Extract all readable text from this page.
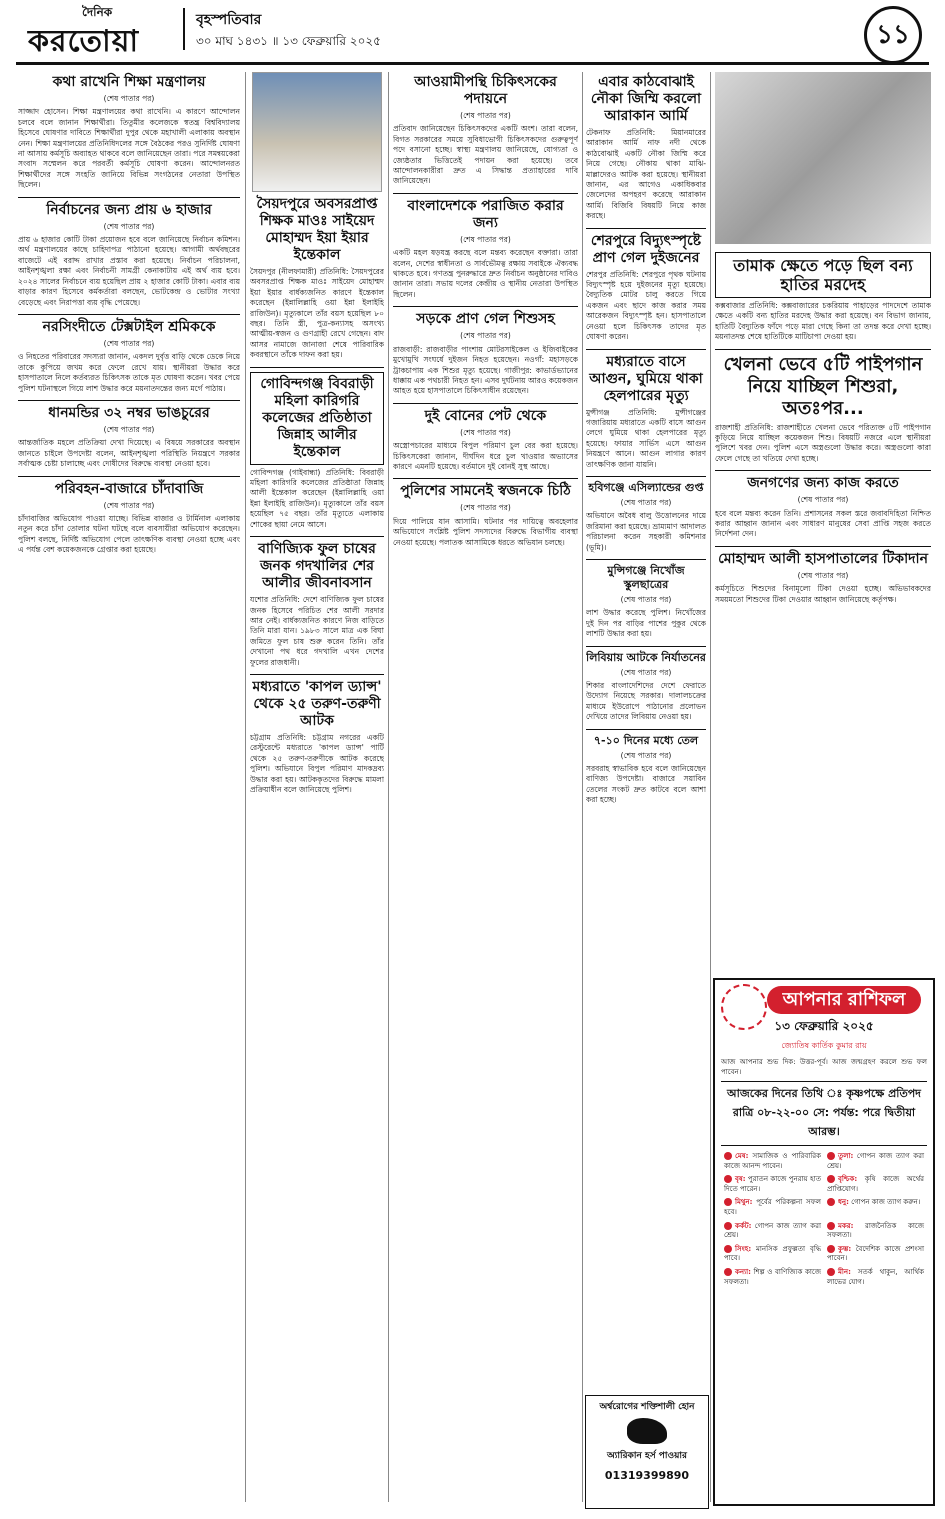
দৈনিক
করতোয়া
বৃহস্পতিবার
৩০ মাঘ ১৪৩১ ॥ ১৩ ফেব্রুয়ারি ২০২৫	১১
কথা রাখেনি শিক্ষা মন্ত্রণালয়
(শেষ পাতার পর)

সাজ্জাদ হোসেন। শিক্ষা মন্ত্রণালয়ের কথা রাখেনি। এ কারণে আন্দোলন চলবে বলে জানান শিক্ষার্থীরা। তিতুমীর কলেজকে স্বতন্ত্র বিশ্ববিদ্যালয় হিসেবে ঘোষণার দাবিতে শিক্ষার্থীরা দুপুর থেকে মহাখালী এলাকায় অবস্থান নেন। শিক্ষা মন্ত্রণালয়ের প্রতিনিধিদলের সঙ্গে বৈঠকের পরও সুনির্দিষ্ট ঘোষণা না আসায় কর্মসূচি অব্যাহত থাকবে বলে জানিয়েছেন তারা। পরে সমন্বয়কেরা সংবাদ সম্মেলন করে পরবর্তী কর্মসূচি ঘোষণা করেন। আন্দোলনরত শিক্ষার্থীদের সঙ্গে সংহতি জানিয়ে বিভিন্ন সংগঠনের নেতারা উপস্থিত ছিলেন।

নির্বাচনের জন্য প্রায় ৬ হাজার
(শেষ পাতার পর)

প্রায় ৬ হাজার কোটি টাকা প্রয়োজন হবে বলে জানিয়েছে নির্বাচন কমিশন। অর্থ মন্ত্রণালয়ের কাছে চাহিদাপত্র পাঠানো হয়েছে। আগামী অর্থবছরের বাজেটে এই বরাদ্দ রাখার প্রস্তাব করা হয়েছে। নির্বাচন পরিচালনা, আইনশৃঙ্খলা রক্ষা এবং নির্বাচনী সামগ্রী কেনাকাটায় এই অর্থ ব্যয় হবে। ২০২৪ সালের নির্বাচনে ব্যয় হয়েছিল প্রায় ২ হাজার কোটি টাকা। এবার ব্যয় বাড়ার কারণ হিসেবে কর্মকর্তারা বলছেন, ভোটকেন্দ্র ও ভোটার সংখ্যা বেড়েছে এবং নিরাপত্তা ব্যয় বৃদ্ধি পেয়েছে।

নরসিংদীতে টেক্সটাইল শ্রমিককে
(শেষ পাতার পর)

ও নিহতের পরিবারের সদস্যরা জানান, একদল দুর্বৃত্ত বাড়ি থেকে ডেকে নিয়ে তাকে কুপিয়ে জখম করে ফেলে রেখে যায়। স্থানীয়রা উদ্ধার করে হাসপাতালে নিলে কর্তব্যরত চিকিৎসক তাকে মৃত ঘোষণা করেন। খবর পেয়ে পুলিশ ঘটনাস্থলে গিয়ে লাশ উদ্ধার করে ময়নাতদন্তের জন্য মর্গে পাঠায়।

ধানমন্ডির ৩২ নম্বর ভাঙচুরের
(শেষ পাতার পর)

আন্তর্জাতিক মহলে প্রতিক্রিয়া দেখা দিয়েছে। এ বিষয়ে সরকারের অবস্থান জানতে চাইলে উপদেষ্টা বলেন, আইনশৃঙ্খলা পরিস্থিতি নিয়ন্ত্রণে সরকার সর্বাত্মক চেষ্টা চালাচ্ছে এবং দোষীদের বিরুদ্ধে ব্যবস্থা নেওয়া হবে।

পরিবহন-বাজারে চাঁদাবাজি
(শেষ পাতার পর)

চাঁদাবাজির অভিযোগ পাওয়া যাচ্ছে। বিভিন্ন বাজার ও টার্মিনাল এলাকায় নতুন করে চাঁদা তোলার ঘটনা ঘটছে বলে ব্যবসায়ীরা অভিযোগ করেছেন। পুলিশ বলছে, নির্দিষ্ট অভিযোগ পেলে তাৎক্ষণিক ব্যবস্থা নেওয়া হচ্ছে এবং এ পর্যন্ত বেশ কয়েকজনকে গ্রেপ্তার করা হয়েছে।

সৈয়দপুরে অবসরপ্রাপ্ত শিক্ষক মাওঃ সাইয়েদ মোহাম্মদ ইয়া ইয়ার ইন্তেকাল

সৈয়দপুর (নীলফামারী) প্রতিনিধি: সৈয়দপুরের অবসরপ্রাপ্ত শিক্ষক মাওঃ সাইয়েদ মোহাম্মদ ইয়া ইয়ার বার্ধক্যজনিত কারণে ইন্তেকাল করেছেন (ইন্নালিল্লাহি ওয়া ইন্না ইলাইহি রাজিউন)। মৃত্যুকালে তাঁর বয়স হয়েছিল ৮০ বছর। তিনি স্ত্রী, পুত্র-কন্যাসহ অসংখ্য আত্মীয়-স্বজন ও গুণগ্রাহী রেখে গেছেন। বাদ আসর নামাজে জানাজা শেষে পারিবারিক কবরস্থানে তাঁকে দাফন করা হয়।

গোবিন্দগঞ্জ বিবরাড়ী মহিলা কারিগরি কলেজের প্রতিষ্ঠাতা জিন্নাহ আলীর ইন্তেকাল

গোবিন্দগঞ্জ (গাইবান্ধা) প্রতিনিধি: বিবরাড়ী মহিলা কারিগরি কলেজের প্রতিষ্ঠাতা জিন্নাহ আলী ইন্তেকাল করেছেন (ইন্নালিল্লাহি ওয়া ইন্না ইলাইহি রাজিউন)। মৃত্যুকালে তাঁর বয়স হয়েছিল ৭৫ বছর। তাঁর মৃত্যুতে এলাকায় শোকের ছায়া নেমে আসে।

বাণিজ্যিক ফুল চাষের জনক গদখালির শের আলীর জীবনাবসান

যশোর প্রতিনিধি: দেশে বাণিজ্যিক ফুল চাষের জনক হিসেবে পরিচিত শের আলী সরদার আর নেই। বার্ধক্যজনিত কারণে নিজ বাড়িতে তিনি মারা যান। ১৯৮৩ সালে মাত্র এক বিঘা জমিতে ফুল চাষ শুরু করেন তিনি। তাঁর দেখানো পথ ধরে গদখালি এখন দেশের ফুলের রাজধানী।

মধ্যরাতে 'কাপল ড্যান্স' থেকে ২৫ তরুণ-তরুণী আটক

চট্টগ্রাম প্রতিনিধি: চট্টগ্রাম নগরের একটি রেস্টুরেন্টে মধ্যরাতে 'কাপল ড্যান্স' পার্টি থেকে ২৫ তরুণ-তরুণীকে আটক করেছে পুলিশ। অভিযানে বিপুল পরিমাণ মাদকদ্রব্য উদ্ধার করা হয়। আটককৃতদের বিরুদ্ধে মামলা প্রক্রিয়াধীন বলে জানিয়েছে পুলিশ।

আওয়ামীপন্থি চিকিৎসকের পদায়নে
(শেষ পাতার পর)

প্রতিবাদ জানিয়েছেন চিকিৎসকদের একটি অংশ। তারা বলেন, বিগত সরকারের সময়ে সুবিধাভোগী চিকিৎসকদের গুরুত্বপূর্ণ পদে বসানো হচ্ছে। স্বাস্থ্য মন্ত্রণালয় জানিয়েছে, যোগ্যতা ও জ্যেষ্ঠতার ভিত্তিতেই পদায়ন করা হয়েছে। তবে আন্দোলনকারীরা দ্রুত এ সিদ্ধান্ত প্রত্যাহারের দাবি জানিয়েছেন।

বাংলাদেশকে পরাজিত করার জন্য
(শেষ পাতার পর)

একটি মহল ষড়যন্ত্র করছে বলে মন্তব্য করেছেন বক্তারা। তারা বলেন, দেশের স্বাধীনতা ও সার্বভৌমত্ব রক্ষায় সবাইকে ঐক্যবদ্ধ থাকতে হবে। গণতন্ত্র পুনরুদ্ধারে দ্রুত নির্বাচন অনুষ্ঠানের দাবিও জানান তারা। সভায় দলের কেন্দ্রীয় ও স্থানীয় নেতারা উপস্থিত ছিলেন।

সড়কে প্রাণ গেল শিশুসহ
(শেষ পাতার পর)

রাজবাড়ী: রাজবাড়ীর পাংশায় মোটরসাইকেল ও ইজিবাইকের মুখোমুখি সংঘর্ষে দুইজন নিহত হয়েছেন। নওগাঁ: মহাসড়কে ট্রাকচাপায় এক শিশুর মৃত্যু হয়েছে। গাজীপুর: কাভার্ডভ্যানের ধাক্কায় এক পথচারী নিহত হন। এসব দুর্ঘটনায় আরও কয়েকজন আহত হয়ে হাসপাতালে চিকিৎসাধীন রয়েছেন।

দুই বোনের পেট থেকে
(শেষ পাতার পর)

অস্ত্রোপচারের মাধ্যমে বিপুল পরিমাণ চুল বের করা হয়েছে। চিকিৎসকেরা জানান, দীর্ঘদিন ধরে চুল খাওয়ার অভ্যাসের কারণে এমনটি হয়েছে। বর্তমানে দুই বোনই সুস্থ আছে।

পুলিশের সামনেই স্বজনকে চিঠি
(শেষ পাতার পর)

দিয়ে পালিয়ে যান আসামি। ঘটনার পর দায়িত্বে অবহেলার অভিযোগে সংশ্লিষ্ট পুলিশ সদস্যদের বিরুদ্ধে বিভাগীয় ব্যবস্থা নেওয়া হয়েছে। পলাতক আসামিকে ধরতে অভিযান চলছে।

এবার কাঠবোঝাই নৌকা জিম্মি করলো আরাকান আর্মি

টেকনাফ প্রতিনিধি: মিয়ানমারের আরাকান আর্মি নাফ নদী থেকে কাঠবোঝাই একটি নৌকা জিম্মি করে নিয়ে গেছে। নৌকায় থাকা মাঝি-মাল্লাদেরও আটক করা হয়েছে। স্থানীয়রা জানান, এর আগেও একাধিকবার জেলেদের অপহরণ করেছে আরাকান আর্মি। বিজিবি বিষয়টি নিয়ে কাজ করছে।

শেরপুরে বিদ্যুৎস্পৃষ্টে প্রাণ গেল দুইজনের

শেরপুর প্রতিনিধি: শেরপুরে পৃথক ঘটনায় বিদ্যুৎস্পৃষ্ট হয়ে দুইজনের মৃত্যু হয়েছে। বৈদ্যুতিক মোটর চালু করতে গিয়ে একজন এবং ছাদে কাজ করার সময় আরেকজন বিদ্যুৎস্পৃষ্ট হন। হাসপাতালে নেওয়া হলে চিকিৎসক তাদের মৃত ঘোষণা করেন।

মধ্যরাতে বাসে আগুন, ঘুমিয়ে থাকা হেলপারের মৃত্যু

মুন্সীগঞ্জ প্রতিনিধি: মুন্সীগঞ্জের গজারিয়ায় মধ্যরাতে একটি বাসে আগুন লেগে ঘুমিয়ে থাকা হেলপারের মৃত্যু হয়েছে। ফায়ার সার্ভিস এসে আগুন নিয়ন্ত্রণে আনে। আগুন লাগার কারণ তাৎক্ষণিক জানা যায়নি।

হবিগঞ্জে এসিল্যান্ডের গুপ্ত
(শেষ পাতার পর)

অভিযানে অবৈধ বালু উত্তোলনের দায়ে জরিমানা করা হয়েছে। ভ্রাম্যমাণ আদালত পরিচালনা করেন সহকারী কমিশনার (ভূমি)।

মুন্সিগঞ্জে নিখোঁজ স্কুলছাত্রের
(শেষ পাতার পর)

লাশ উদ্ধার করেছে পুলিশ। নিখোঁজের দুই দিন পর বাড়ির পাশের পুকুর থেকে লাশটি উদ্ধার করা হয়।

লিবিয়ায় আটকে নির্যাতনের
(শেষ পাতার পর)

শিকার বাংলাদেশিদের দেশে ফেরাতে উদ্যোগ নিয়েছে সরকার। দালালচক্রের মাধ্যমে ইউরোপে পাঠানোর প্রলোভন দেখিয়ে তাদের লিবিয়ায় নেওয়া হয়।

৭-১০ দিনের মধ্যে তেল
(শেষ পাতার পর)

সরবরাহ স্বাভাবিক হবে বলে জানিয়েছেন বাণিজ্য উপদেষ্টা। বাজারে সয়াবিন তেলের সংকট দ্রুত কাটবে বলে আশা করা হচ্ছে।

অর্শ্বরোগের শক্তিশালী হোন
অ্যারিকান হর্স পাওয়ার
01319399890
তামাক ক্ষেতে পড়ে ছিল বন্য হাতির মরদেহ

কক্সবাজার প্রতিনিধি: কক্সবাজারের চকরিয়ায় পাহাড়ের পাদদেশে তামাক ক্ষেতে একটি বন্য হাতির মরদেহ উদ্ধার করা হয়েছে। বন বিভাগ জানায়, হাতিটি বৈদ্যুতিক ফাঁদে পড়ে মারা গেছে কিনা তা তদন্ত করে দেখা হচ্ছে। ময়নাতদন্ত শেষে হাতিটিকে মাটিচাপা দেওয়া হয়।

খেলনা ভেবে ৫টি পাইপগান নিয়ে যাচ্ছিল শিশুরা, অতঃপর...

রাজশাহী প্রতিনিধি: রাজশাহীতে খেলনা ভেবে পরিত্যক্ত ৫টি পাইপগান কুড়িয়ে নিয়ে যাচ্ছিল কয়েকজন শিশু। বিষয়টি নজরে এলে স্থানীয়রা পুলিশে খবর দেন। পুলিশ এসে অস্ত্রগুলো উদ্ধার করে। অস্ত্রগুলো কারা ফেলে গেছে তা খতিয়ে দেখা হচ্ছে।

জনগণের জন্য কাজ করতে
(শেষ পাতার পর)

হবে বলে মন্তব্য করেন তিনি। প্রশাসনের সকল স্তরে জবাবদিহিতা নিশ্চিত করার আহ্বান জানান এবং সাধারণ মানুষের সেবা প্রাপ্তি সহজ করতে নির্দেশনা দেন।

মোহাম্মদ আলী হাসপাতালের টিকাদান
(শেষ পাতার পর)

কর্মসূচিতে শিশুদের বিনামূল্যে টিকা দেওয়া হচ্ছে। অভিভাবকদের সময়মতো শিশুদের টিকা দেওয়ার আহ্বান জানিয়েছে কর্তৃপক্ষ।

আপনার রাশিফল
১৩ ফেব্রুয়ারি ২০২৫
জ্যোতিষ কার্তিক কুমার রায়
আজ আপনার শুভ দিক: উত্তর-পূর্ব। আজ জন্মগ্রহণ করলে শুভ ফল পাবেন।
আজকের দিনের তিথি ঃ কৃষ্ণপক্ষে প্রতিপদ রাত্রি ০৮-২২-০০ সে: পর্যন্ত: পরে দ্বিতীয়া আরম্ভ।
মেষ: সামাজিক ও পারিবারিক কাজে আনন্দ পাবেন।
তুলা: গোপন কাজ ত্যাগ করা শ্রেয়।
বৃষ: পুরাতন কাজে পুনরায় হাত দিতে পারেন।
বৃশ্চিক: কৃষি কাজে অর্থের প্রাপ্তিযোগ।
মিথুন: পূর্বের পরিকল্পনা সফল হবে।
ধনু: গোপন কাজ ত্যাগ করুন।
কর্কট: গোপন কাজ ত্যাগ করা শ্রেয়।
মকর: রাজনৈতিক কাজে সফলতা।
সিংহ: মানসিক প্রফুল্লতা বৃদ্ধি পাবে।
কুম্ভ: বৈদেশিক কাজে প্রশংসা পাবেন।
কন্যা: শিল্প ও বাণিজ্যিক কাজে সফলতা।
মীন: সতর্ক থাকুন, আর্থিক লাভের যোগ।
